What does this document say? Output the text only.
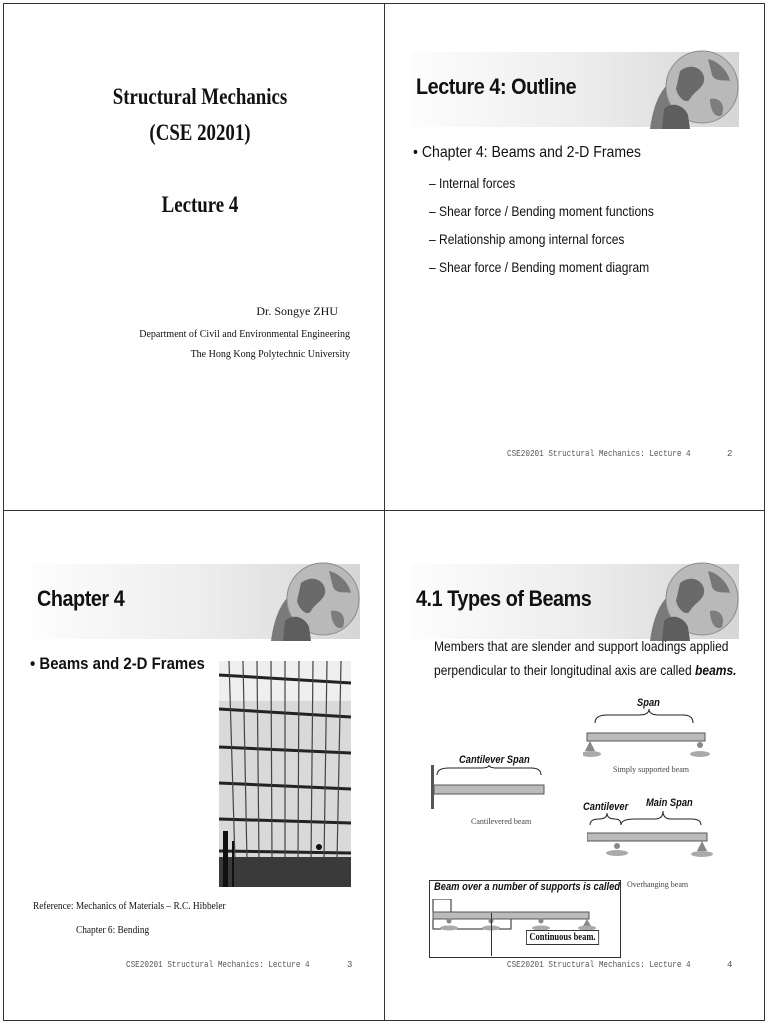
Structural Mechanics
(CSE 20201)
Lecture 4
Dr. Songye ZHU
Department of Civil and Environmental Engineering
The Hong Kong Polytechnic University
Lecture 4: Outline
• Chapter 4: Beams and 2-D Frames
– Internal forces
– Shear force / Bending moment functions
– Relationship among internal forces
– Shear force / Bending moment diagram
CSE20201 Structural Mechanics: Lecture 4	2
Chapter 4
• Beams and 2-D Frames
Reference: Mechanics of Materials – R.C. Hibbeler
Chapter 6: Bending
CSE20201 Structural Mechanics: Lecture 4	3
4.1 Types of Beams
Members that are slender and support loadings applied
perpendicular to their longitudinal axis are called beams.
Span
Simply supported beam
Cantilever Span
Cantilevered beam
Cantilever Main Span
Overhanging beam
Beam over a number of supports is called
Continuous beam.
CSE20201 Structural Mechanics: Lecture 4	4
